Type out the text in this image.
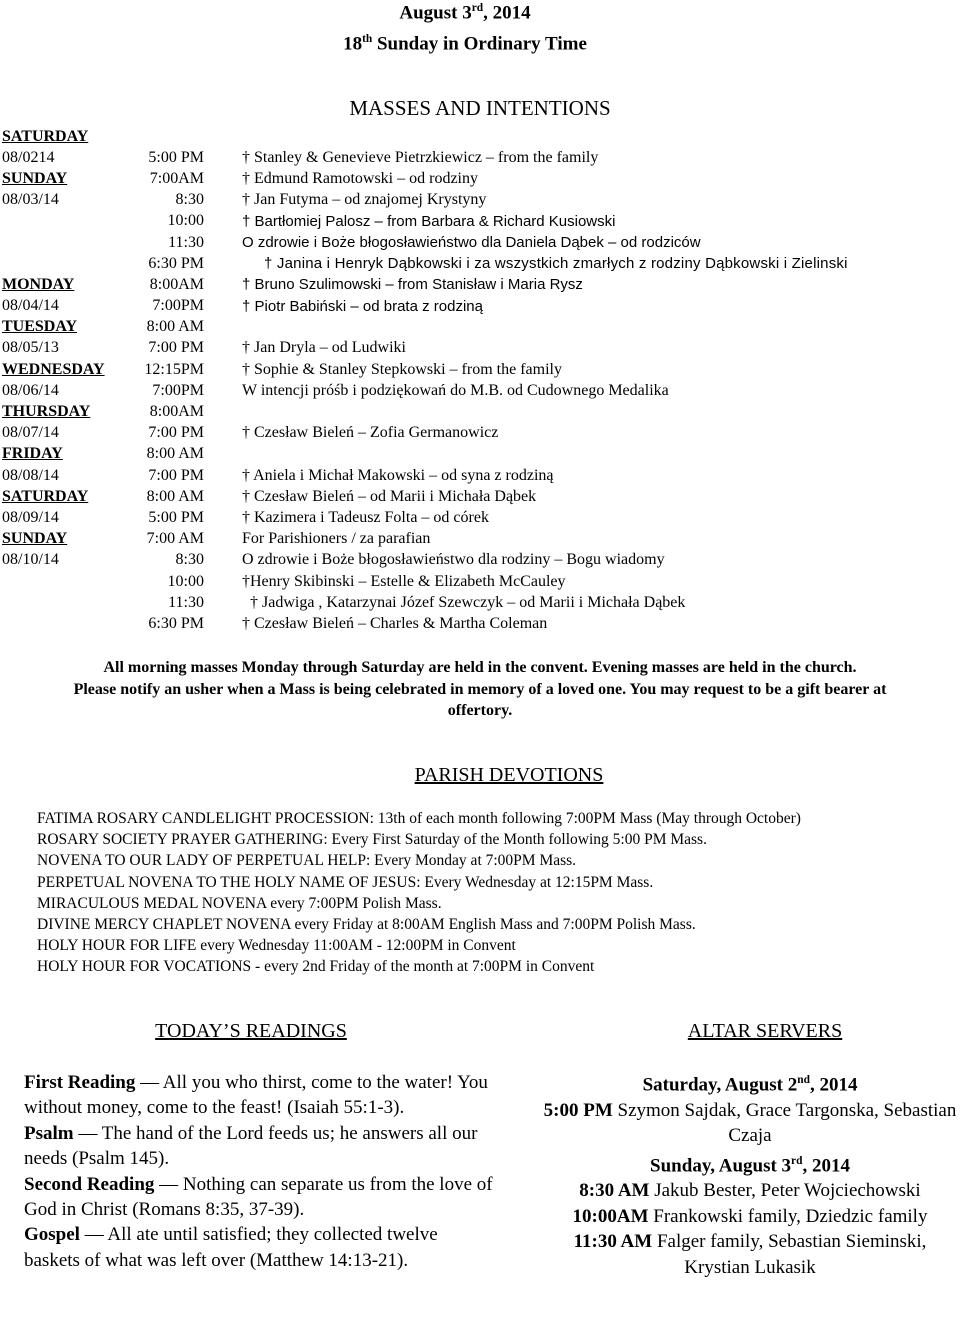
August 3rd, 2014
18th Sunday in Ordinary Time
MASSES AND INTENTIONS
SATURDAY		
08/0214	5:00 PM	† Stanley & Genevieve Pietrzkiewicz – from the family
SUNDAY	7:00AM	† Edmund Ramotowski – od rodziny
08/03/14	8:30	† Jan Futyma – od znajomej Krystyny
	10:00	† Bartłomiej Palosz – from Barbara & Richard Kusiowski
	11:30	O zdrowie i Boże błogosławieństwo dla Daniela Dąbek – od rodziców
	6:30 PM	† Janina i Henryk Dąbkowski i za wszystkich zmarłych z rodziny Dąbkowski i Zielinski
MONDAY	8:00AM	† Bruno Szulimowski – from Stanisław i Maria Rysz
08/04/14	7:00PM	† Piotr Babiński – od brata z rodziną
TUESDAY	8:00 AM	
08/05/13	7:00 PM	† Jan Dryla – od Ludwiki
WEDNESDAY	12:15PM	† Sophie & Stanley Stepkowski – from the family
08/06/14	7:00PM	W intencji próśb i podziękowań do M.B. od Cudownego Medalika
THURSDAY	8:00AM	
08/07/14	7:00 PM	† Czesław Bieleń – Zofia Germanowicz
FRIDAY	8:00 AM	
08/08/14	7:00 PM	† Aniela i Michał Makowski – od syna z rodziną
SATURDAY	8:00 AM	† Czesław Bieleń – od Marii i Michała Dąbek
08/09/14	5:00 PM	† Kazimera i Tadeusz Folta – od córek
SUNDAY	7:00 AM	For Parishioners / za parafian
08/10/14	8:30	O zdrowie i Boże błogosławieństwo dla rodziny – Bogu wiadomy
	10:00	†Henry Skibinski – Estelle & Elizabeth McCauley
	11:30	† Jadwiga , Katarzynai Józef Szewczyk – od Marii i Michała Dąbek
	6:30 PM	† Czesław Bieleń – Charles & Martha Coleman
All morning masses Monday through Saturday are held in the convent. Evening masses are held in the church.
Please notify an usher when a Mass is being celebrated in memory of a loved one. You may request to be a gift bearer at
offertory.
PARISH DEVOTIONS
FATIMA ROSARY CANDLELIGHT PROCESSION: 13th of each month following 7:00PM Mass (May through October)
ROSARY SOCIETY PRAYER GATHERING: Every First Saturday of the Month following 5:00 PM Mass.
NOVENA TO OUR LADY OF PERPETUAL HELP: Every Monday at 7:00PM Mass.
PERPETUAL NOVENA TO THE HOLY NAME OF JESUS: Every Wednesday at 12:15PM Mass.
MIRACULOUS MEDAL NOVENA every 7:00PM Polish Mass.
DIVINE MERCY CHAPLET NOVENA every Friday at 8:00AM English Mass and 7:00PM Polish Mass.
HOLY HOUR FOR LIFE every Wednesday 11:00AM - 12:00PM in Convent
HOLY HOUR FOR VOCATIONS - every 2nd Friday of the month at 7:00PM in Convent
TODAY’S READINGS	ALTAR SERVERS
First Reading — All you who thirst, come to the water! You without money, come to the feast! (Isaiah 55:1-3).
Psalm — The hand of the Lord feeds us; he answers all our needs (Psalm 145).
Second Reading — Nothing can separate us from the love of God in Christ (Romans 8:35, 37-39).
Gospel — All ate until satisfied; they collected twelve baskets of what was left over (Matthew 14:13-21).
Saturday, August 2nd, 2014
5:00 PM Szymon Sajdak, Grace Targonska, Sebastian Czaja
Sunday, August 3rd, 2014
8:30 AM Jakub Bester, Peter Wojciechowski
10:00AM Frankowski family, Dziedzic family
11:30 AM Falger family, Sebastian Sieminski, Krystian Lukasik
